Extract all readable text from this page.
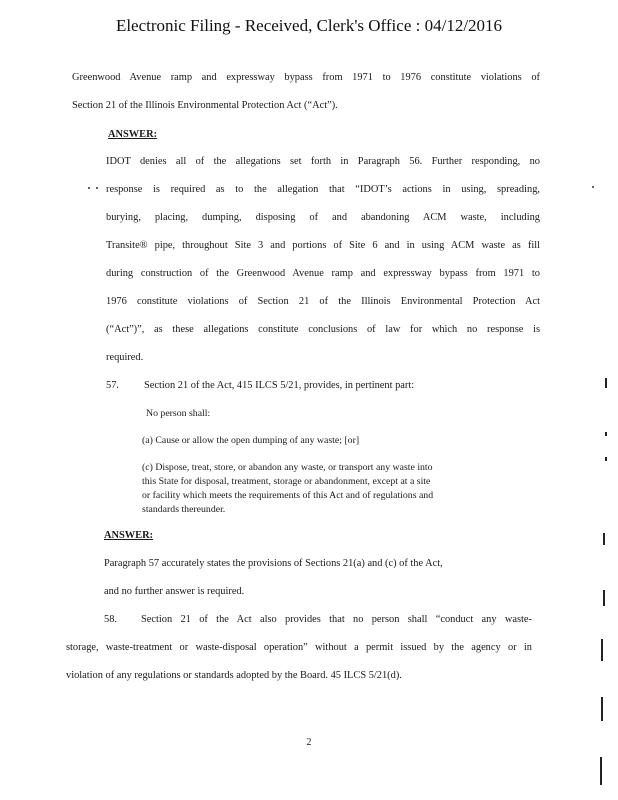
Electronic Filing - Received, Clerk's Office : 04/12/2016
Greenwood Avenue ramp and expressway bypass from 1971 to 1976 constitute violations of
Section 21 of the Illinois Environmental Protection Act (“Act”).
ANSWER:
IDOT denies all of the allegations set forth in Paragraph 56. Further responding, no
response is required as to the allegation that “IDOT’s actions in using, spreading,
burying, placing, dumping, disposing of and abandoning ACM waste, including
Transite® pipe, throughout Site 3 and portions of Site 6 and in using ACM waste as fill
during construction of the Greenwood Avenue ramp and expressway bypass from 1971 to
1976 constitute violations of Section 21 of the Illinois Environmental Protection Act
(“Act”)”, as these allegations constitute conclusions of law for which no response is
required.
57. Section 21 of the Act, 415 ILCS 5/21, provides, in pertinent part:
No person shall:
(a) Cause or allow the open dumping of any waste; [or]
(c) Dispose, treat, store, or abandon any waste, or transport any waste into
this State for disposal, treatment, storage or abandonment, except at a site
or facility which meets the requirements of this Act and of regulations and
standards thereunder.
ANSWER:
Paragraph 57 accurately states the provisions of Sections 21(a) and (c) of the Act,
and no further answer is required.
58. Section 21 of the Act also provides that no person shall “conduct any waste-
storage, waste-treatment or waste-disposal operation” without a permit issued by the agency or in
violation of any regulations or standards adopted by the Board. 45 ILCS 5/21(d).
2
